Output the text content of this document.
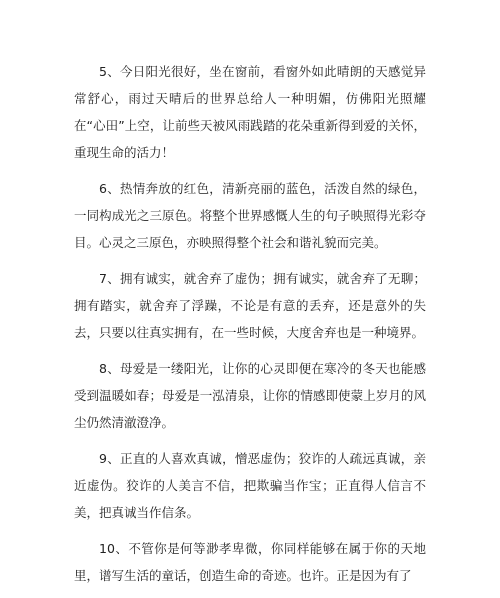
5、今日阳光很好，坐在窗前，看窗外如此晴朗的天感觉异常舒心，雨过天晴后的世界总给人一种明媚，仿佛阳光照耀在“心田”上空，让前些天被风雨践踏的花朵重新得到爱的关怀，重现生命的活力！

6、热情奔放的红色，清新亮丽的蓝色，活泼自然的绿色，一同构成光之三原色。将整个世界感慨人生的句子映照得光彩夺目。心灵之三原色，亦映照得整个社会和谐礼貌而完美。

7、拥有诚实，就舍弃了虚伪；拥有诚实，就舍弃了无聊；拥有踏实，就舍弃了浮躁，不论是有意的丢弃，还是意外的失去，只要以往真实拥有，在一些时候，大度舍弃也是一种境界。

8、母爱是一缕阳光，让你的心灵即便在寒冷的冬天也能感受到温暖如春；母爱是一泓清泉，让你的情感即使蒙上岁月的风尘仍然清澈澄净。

9、正直的人喜欢真诚，憎恶虚伪；狡诈的人疏远真诚，亲近虚伪。狡诈的人美言不信，把欺骗当作宝；正直得人信言不美，把真诚当作信条。

10、不管你是何等渺孝卑微，你同样能够在属于你的天地里，谱写生活的童话，创造生命的奇迹。也许。正是因为有了
